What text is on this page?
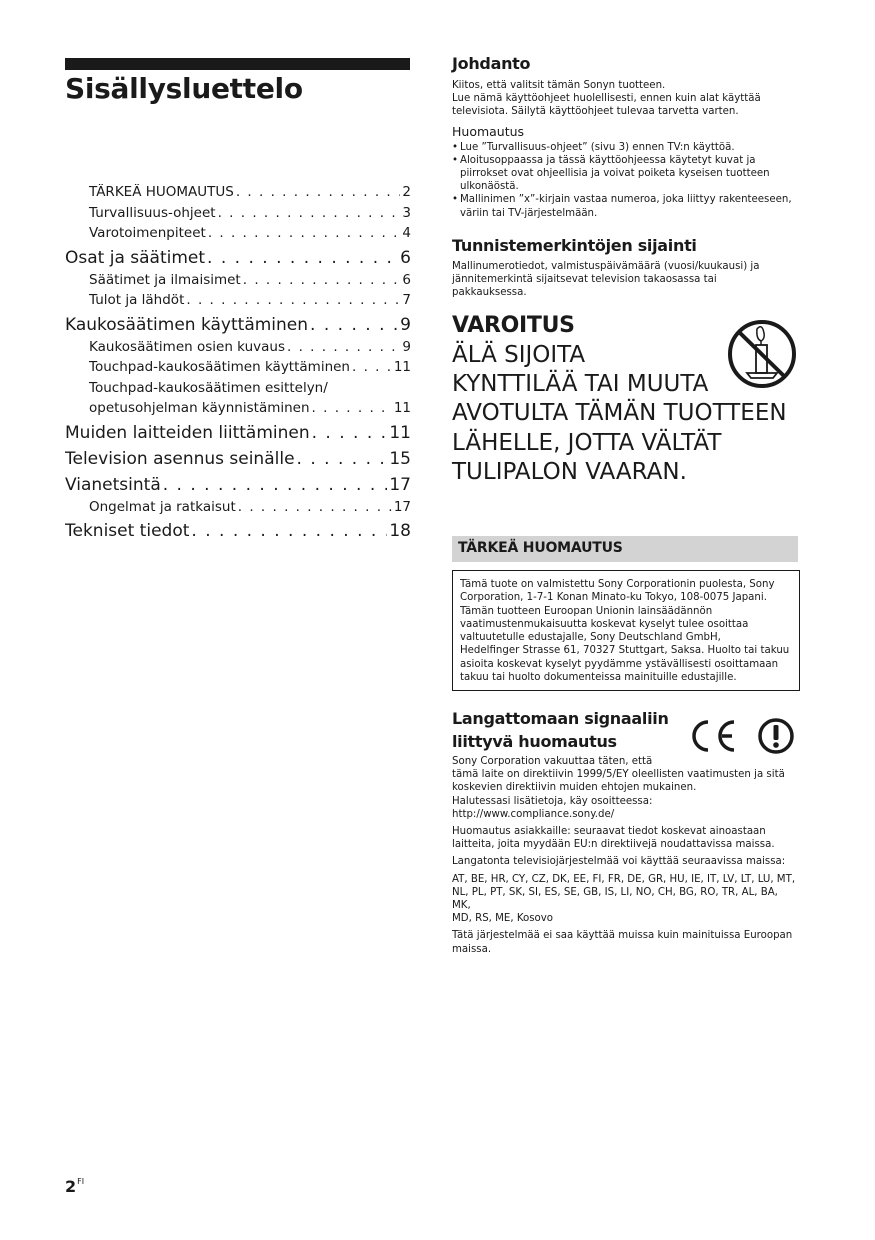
Sisällysluettelo
TÄRKEÄ HUOMAUTUS . . .	2
Turvallisuus-ohjeet . . .	3
Varotoimenpiteet . . .	4
Osat ja säätimet . . .	6
Säätimet ja ilmaisimet . . .	6
Tulot ja lähdöt . . .	7
Kaukosäätimen käyttäminen . . .	9
Kaukosäätimen osien kuvaus . . .	9
Touchpad-kaukosäätimen käyttäminen . . .	11
Touchpad-kaukosäätimen esittelyn/
opetusohjelman käynnistäminen . . .	11
Muiden laitteiden liittäminen . . .	11
Television asennus seinälle . . .	15
Vianetsintä . . .	17
Ongelmat ja ratkaisut . . .	17
Tekniset tiedot . . .	18
Johdanto
Kiitos, että valitsit tämän Sonyn tuotteen.
Lue nämä käyttöohjeet huolellisesti, ennen kuin alat käyttää
televisiota. Säilytä käyttöohjeet tulevaa tarvetta varten.
Huomautus
• Lue ”Turvallisuus-ohjeet” (sivu 3) ennen TV:n käyttöä.
• Aloitusoppaassa ja tässä käyttöohjeessa käytetyt kuvat ja piirrokset ovat ohjeellisia ja voivat poiketa kyseisen tuotteen ulkonäöstä.
• Mallinimen ”x”-kirjain vastaa numeroa, joka liittyy rakenteeseen, väriin tai TV-järjestelmään.
Tunnistemerkintöjen sijainti
Mallinumerotiedot, valmistuspäivämäärä (vuosi/kuukausi) ja
jännitemerkintä sijaitsevat television takaosassa tai
pakkauksessa.
VAROITUS
ÄLÄ SIJOITA
KYNTTILÄÄ TAI MUUTA
AVOTULTA TÄMÄN TUOTTEEN
LÄHELLE, JOTTA VÄLTÄT
TULIPALON VAARAN.
TÄRKEÄ HUOMAUTUS
Tämä tuote on valmistettu Sony Corporationin puolesta, Sony
Corporation, 1-7-1 Konan Minato-ku Tokyo, 108-0075 Japani.
Tämän tuotteen Euroopan Unionin lainsäädännön
vaatimustenmukaisuutta koskevat kyselyt tulee osoittaa
valtuutetulle edustajalle, Sony Deutschland GmbH,
Hedelfinger Strasse 61, 70327 Stuttgart, Saksa. Huolto tai takuu
asioita koskevat kyselyt pyydämme ystävällisesti osoittamaan
takuu tai huolto dokumenteissa mainituille edustajille.
Langattomaan signaaliin
liittyvä huomautus
Sony Corporation vakuuttaa täten, että
tämä laite on direktiivin 1999/5/EY oleellisten vaatimusten ja sitä
koskevien direktiivin muiden ehtojen mukainen.
Halutessasi lisätietoja, käy osoitteessa:
http://www.compliance.sony.de/
Huomautus asiakkaille: seuraavat tiedot koskevat ainoastaan
laitteita, joita myydään EU:n direktiivejä noudattavissa maissa.
Langatonta televisiojärjestelmää voi käyttää seuraavissa maissa:
AT, BE, HR, CY, CZ, DK, EE, FI, FR, DE, GR, HU, IE, IT, LV, LT, LU, MT,
NL, PL, PT, SK, SI, ES, SE, GB, IS, LI, NO, CH, BG, RO, TR, AL, BA, MK,
MD, RS, ME, Kosovo
Tätä järjestelmää ei saa käyttää muissa kuin mainituissa Euroopan
maissa.
$2^{FI}$
